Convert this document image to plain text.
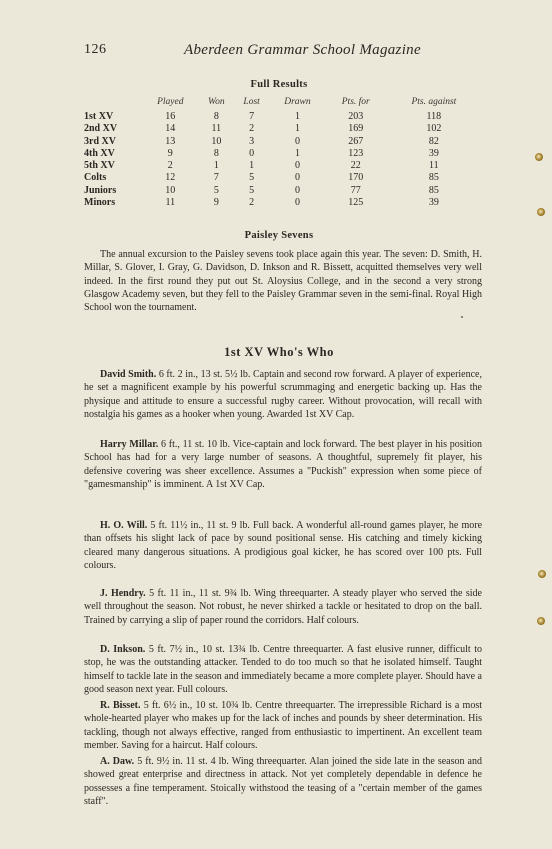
126	Aberdeen Grammar School Magazine
Full Results
	Played	Won	Lost	Drawn	Pts. for	Pts. against
1st XV	16	8	7	1	203	118
2nd XV	14	11	2	1	169	102
3rd XV	13	10	3	0	267	82
4th XV	9	8	0	1	123	39
5th XV	2	1	1	0	22	11
Colts	12	7	5	0	170	85
Juniors	10	5	5	0	77	85
Minors	11	9	2	0	125	39
Paisley Sevens

The annual excursion to the Paisley sevens took place again this year. The seven: D. Smith, H. Millar, S. Glover, I. Gray, G. Davidson, D. Inkson and R. Bissett, acquitted themselves very well indeed. In the first round they put out St. Aloysius College, and in the second a very strong Glasgow Academy seven, but they fell to the Paisley Grammar seven in the semi-final. Royal High School won the tournament.

1st XV Who's Who

David Smith. 6 ft. 2 in., 13 st. 5½ lb. Captain and second row forward. A player of experience, he set a magnificent example by his powerful scrummaging and energetic backing up. Has the physique and attitude to ensure a successful rugby career. Without provocation, will recall with nostalgia his games as a hooker when young. Awarded 1st XV Cap.

Harry Millar. 6 ft., 11 st. 10 lb. Vice-captain and lock forward. The best player in his position School has had for a very large number of seasons. A thoughtful, supremely fit player, his defensive covering was sheer excellence. Assumes a "Puckish" expression when some piece of "gamesmanship" is imminent. A 1st XV Cap.

H. O. Will. 5 ft. 11½ in., 11 st. 9 lb. Full back. A wonderful all-round games player, he more than offsets his slight lack of pace by sound positional sense. His catching and timely kicking cleared many dangerous situations. A prodigious goal kicker, he has scored over 100 pts. Full colours.

J. Hendry. 5 ft. 11 in., 11 st. 9¾ lb. Wing threequarter. A steady player who served the side well throughout the season. Not robust, he never shirked a tackle or hesitated to drop on the ball. Trained by carrying a slip of paper round the corridors. Half colours.

D. Inkson. 5 ft. 7½ in., 10 st. 13¾ lb. Centre threequarter. A fast elusive runner, difficult to stop, he was the outstanding attacker. Tended to do too much so that he isolated himself. Taught himself to tackle late in the season and immediately became a more complete player. Should have a good season next year. Full colours.

R. Bisset. 5 ft. 6½ in., 10 st. 10¾ lb. Centre threequarter. The irrepressible Richard is a most whole-hearted player who makes up for the lack of inches and pounds by sheer determination. His tackling, though not always effective, ranged from enthusiastic to impertinent. An excellent team member. Saving for a haircut. Half colours.

A. Daw. 5 ft. 9½ in. 11 st. 4 lb. Wing threequarter. Alan joined the side late in the season and showed great enterprise and directness in attack. Not yet completely dependable in defence he possesses a fine temperament. Stoically withstood the teasing of a "certain member of the games staff".
